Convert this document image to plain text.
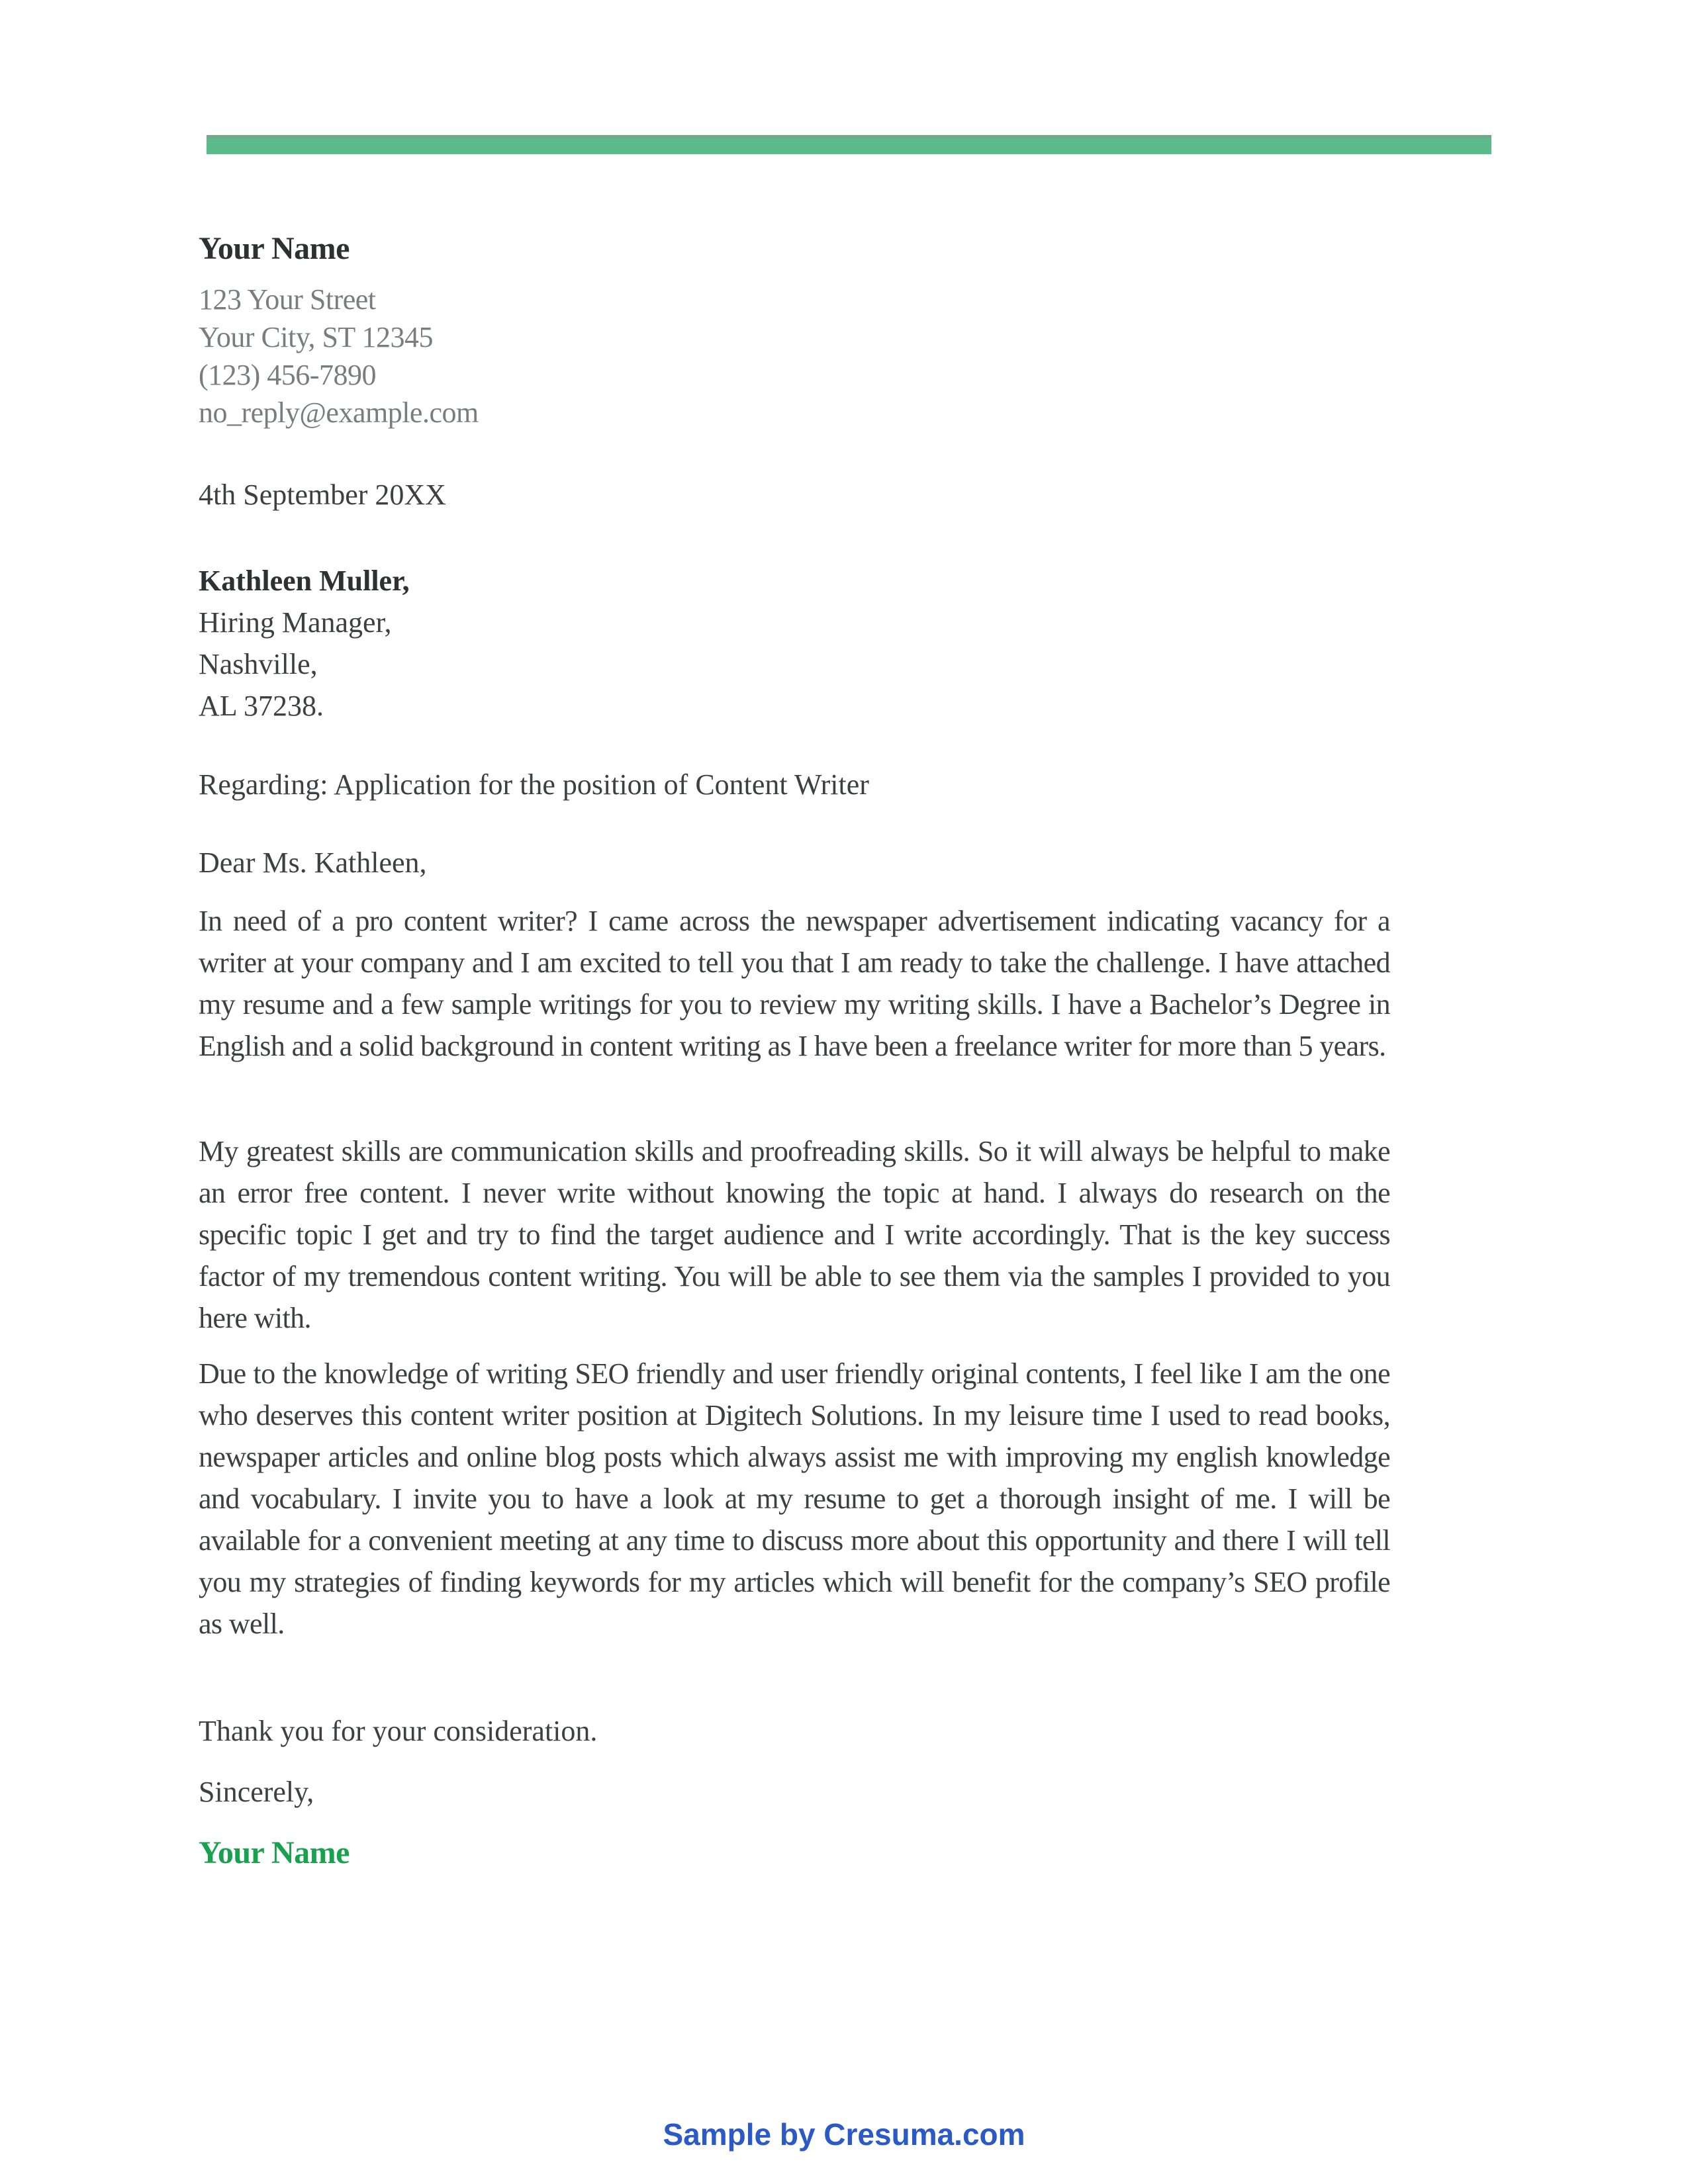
Your Name
123 Your Street
Your City, ST 12345
(123) 456-7890
no_reply@example.com
4th September 20XX
Kathleen Muller,
Hiring Manager,
Nashville,
AL 37238.
Regarding: Application for the position of Content Writer
Dear Ms. Kathleen,
In need of a pro content writer? I came across the newspaper advertisement indicating vacancy for a writer at your company and I am excited to tell you that I am ready to take the challenge. I have attached my resume and a few sample writings for you to review my writing skills. I have a Bachelor’s Degree in English and a solid background in content writing as I have been a freelance writer for more than 5 years.
My greatest skills are communication skills and proofreading skills. So it will always be helpful to make an error free content. I never write without knowing the topic at hand. I always do research on the specific topic I get and try to find the target audience and I write accordingly. That is the key success factor of my tremendous content writing. You will be able to see them via the samples I provided to you here with.
Due to the knowledge of writing SEO friendly and user friendly original contents, I feel like I am the one who deserves this content writer position at Digitech Solutions. In my leisure time I used to read books, newspaper articles and online blog posts which always assist me with improving my english knowledge and vocabulary. I invite you to have a look at my resume to get a thorough insight of me. I will be available for a convenient meeting at any time to discuss more about this opportunity and there I will tell you my strategies of finding keywords for my articles which will benefit for the company’s SEO profile as well.
Thank you for your consideration.
Sincerely,
Your Name
Sample by Cresuma.com
